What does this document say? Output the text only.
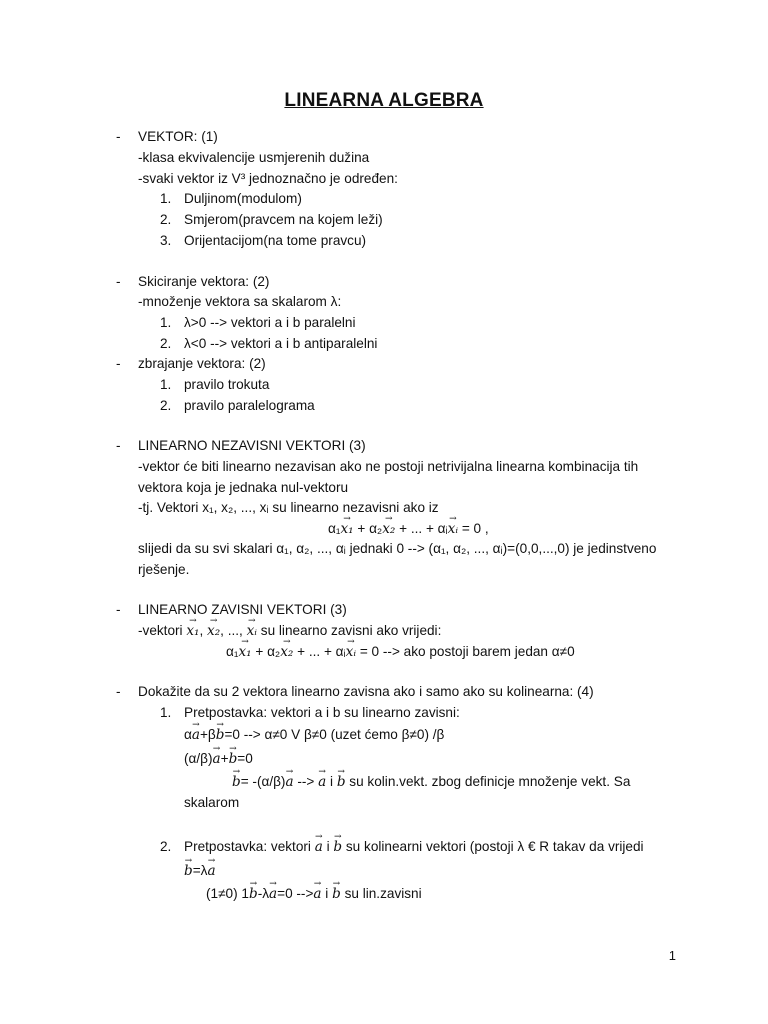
LINEARNA ALGEBRA
- VEKTOR: (1)
-klasa ekvivalencije usmjerenih dužina
-svaki vektor iz V³ jednoznačno je određen:
1. Duljinom(modulom)
2. Smjerom(pravcem na kojem leži)
3. Orijentacijom(na tome pravcu)
- Skiciranje vektora: (2)
-množenje vektora sa skalarom λ:
1. λ>0 --> vektori a i b paralelni
2. λ<0 --> vektori a i b antiparalelni
- zbrajanje vektora: (2)
1. pravilo trokuta
2. pravilo paralelograma
- LINEARNO NEZAVISNI VEKTORI (3)
-vektor će biti linearno nezavisan ako ne postoji netrivijalna linearna kombinacija tih
vektora koja je jednaka nul-vektoru
-tj. Vektori x₁, x₂, ..., xᵢ su linearno nezavisni ako iz
α₁→ x₁ + α₂→ x₂ + ... + αᵢ→ xᵢ = 0 ,
slijedi da su svi skalari α₁, α₂, ..., αᵢ jednaki 0 --> (α₁, α₂, ..., αᵢ)=(0,0,...,0) je jedinstveno
rješenje.
- LINEARNO ZAVISNI VEKTORI (3)
-vektori → x₁, → x₂, ..., → xᵢ su linearno zavisni ako vrijedi:
α₁→ x₁ + α₂→ x₂ + ... + αᵢ→ xᵢ = 0 --> ako postoji barem jedan α≠0
- Dokažite da su 2 vektora linearno zavisna ako i samo ako su kolinearna: (4)
1. Pretpostavka: vektori a i b su linearno zavisni:
α→ a+β→ b=0 --> α≠0 V β≠0 (uzet ćemo β≠0) /β
(α/β)→ a+→ b=0
→ b= -(α/β)→ a --> → a i → b su kolin.vekt. zbog definicje množenje vekt. Sa
skalarom
2. Pretpostavka: vektori → a i → b su kolinearni vektori (postoji λ € R takav da vrijedi
→ b=λ→ a
(1≠0) 1→ b-λ→ a=0 -->→ a i → b su lin.zavisni
1
